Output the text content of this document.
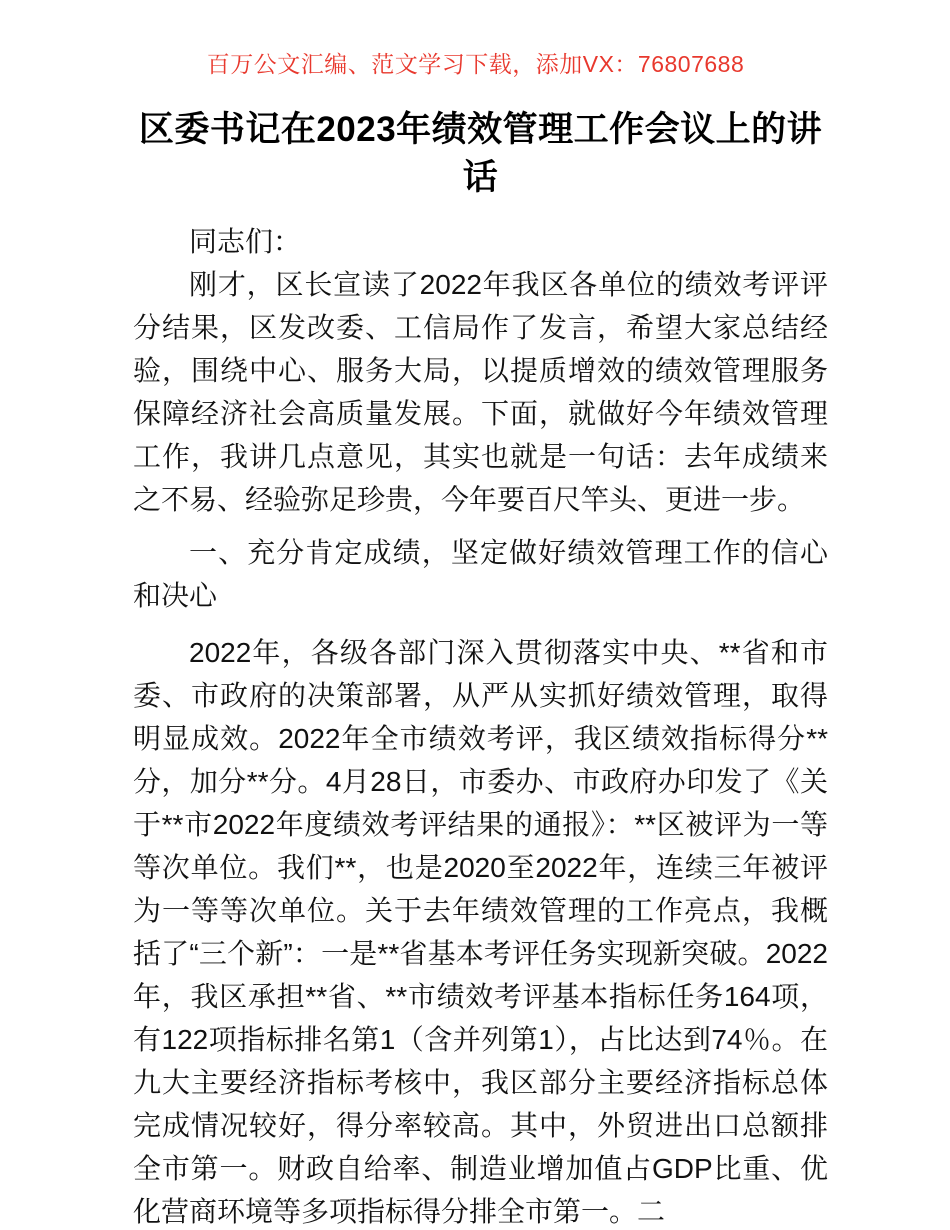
百万公文汇编、范文学习下载，添加VX：76807688
区委书记在2023年绩效管理工作会议上的讲话

同志们：

刚才，区长宣读了2022年我区各单位的绩效考评评分结果，区发改委、工信局作了发言，希望大家总结经验，围绕中心、服务大局，以提质增效的绩效管理服务保障经济社会高质量发展。下面，就做好今年绩效管理工作，我讲几点意见，其实也就是一句话：去年成绩来之不易、经验弥足珍贵，今年要百尺竿头、更进一步。

一、充分肯定成绩，坚定做好绩效管理工作的信心和决心

2022年，各级各部门深入贯彻落实中央、**省和市委、市政府的决策部署，从严从实抓好绩效管理，取得明显成效。2022年全市绩效考评，我区绩效指标得分**分，加分**分。4月28日，市委办、市政府办印发了《关于**市2022年度绩效考评结果的通报》：**区被评为一等等次单位。我们**，也是2020至2022年，连续三年被评为一等等次单位。关于去年绩效管理的工作亮点，我概括了“三个新”：一是**省基本考评任务实现新突破。2022年，我区承担**省、**市绩效考评基本指标任务164项，有122项指标排名第1（含并列第1），占比达到74％。在九大主要经济指标考核中，我区部分主要经济指标总体完成情况较好，得分率较高。其中，外贸进出口总额排全市第一。财政自给率、制造业增加值占GDP比重、优化营商环境等多项指标得分排全市第一。二
